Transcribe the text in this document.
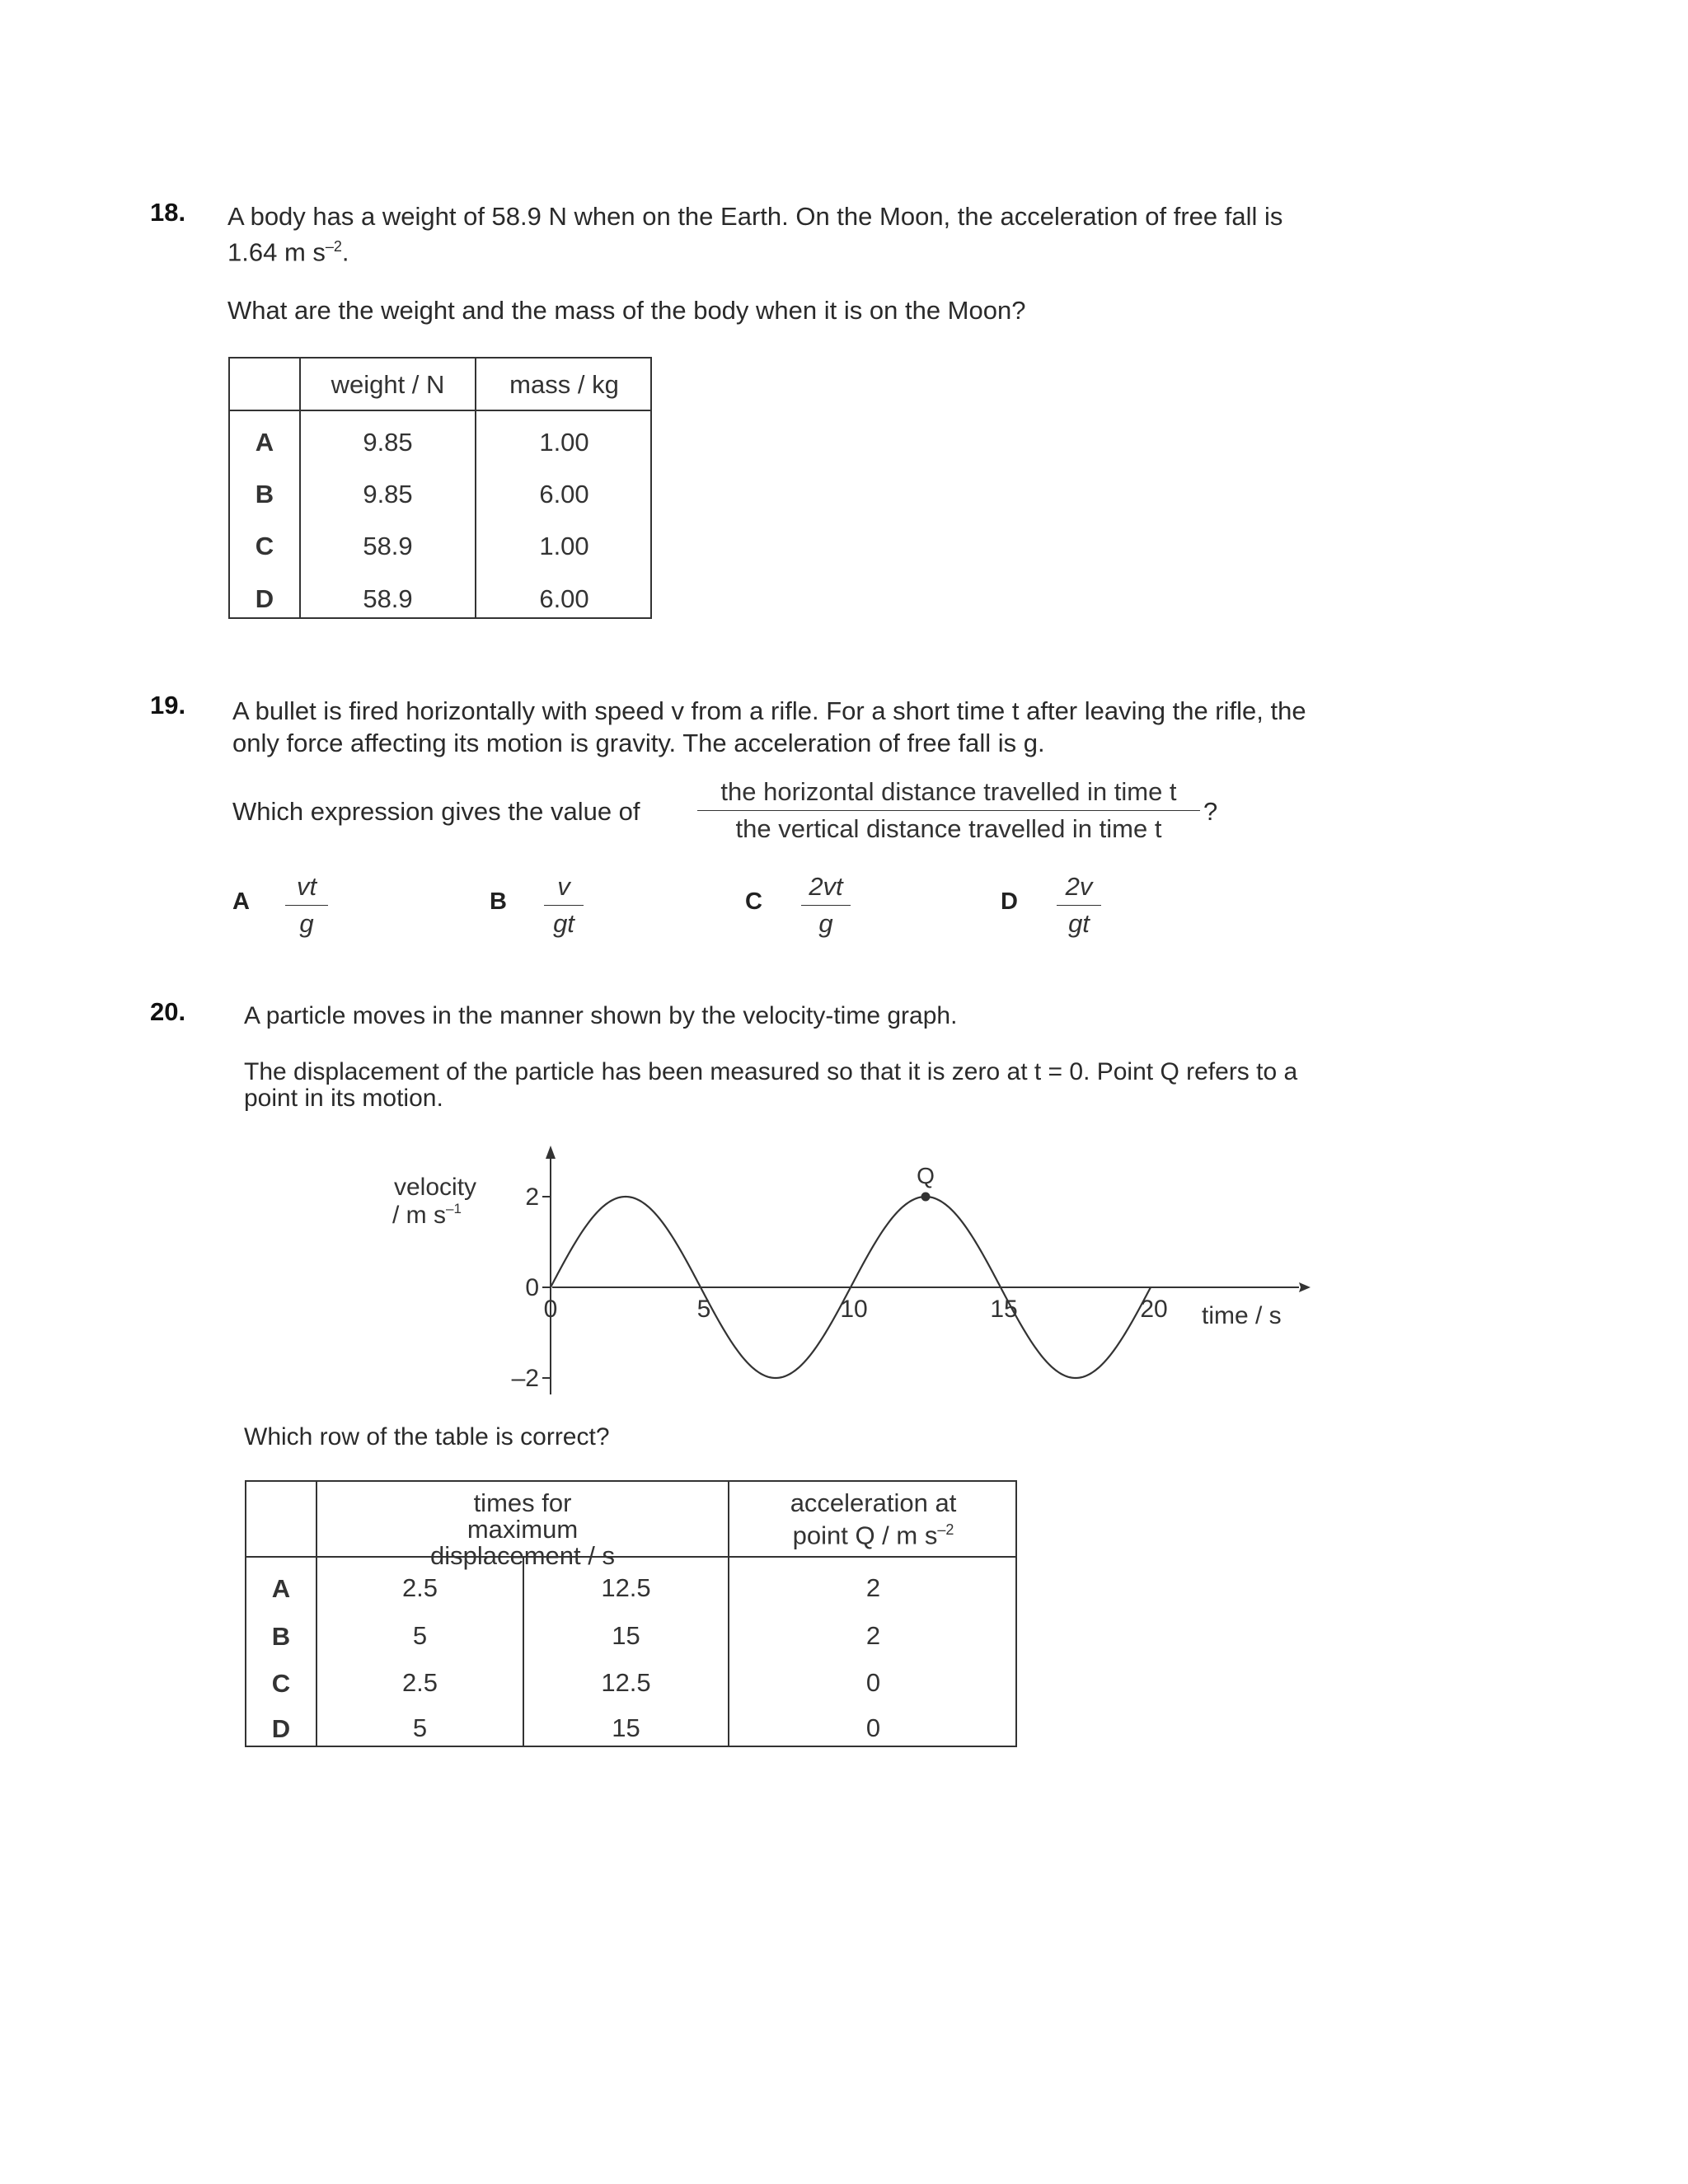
18. A body has a weight of 58.9 N when on the Earth. On the Moon, the acceleration of free fall is
1.64 m $s^{-2}$.
What are the weight and the mass of the body when it is on the Moon?
weight / N	mass / kg
A	9.85	1.00
B	9.85	6.00
C	58.9	1.00
D	58.9	6.00
19. A bullet is fired horizontally with speed v from a rifle. For a short time t after leaving the rifle, the
only force affecting its motion is gravity. The acceleration of free fall is g.
Which expression gives the value of
the horizontal distance travelled in time t
the vertical distance travelled in time t
?
A $\frac{vt}{g}$	B $\frac{v}{gt}$	C $\frac{2vt}{g}$	D $\frac{2v}{gt}$
20. A particle moves in the manner shown by the velocity-time graph.
The displacement of the particle has been measured so that it is zero at t = 0. Point Q refers to a
point in its motion.
0	5	10	15	20
2
0
–2
Q
velocity
/ m $s^{-1}$
time / s
Which row of the table is correct?
times for maximum displacement / s
acceleration at point Q / m $s^{-2}$
A	2.5	12.5	2
B	5	15	2
C	2.5	12.5	0
D	5	15	0
